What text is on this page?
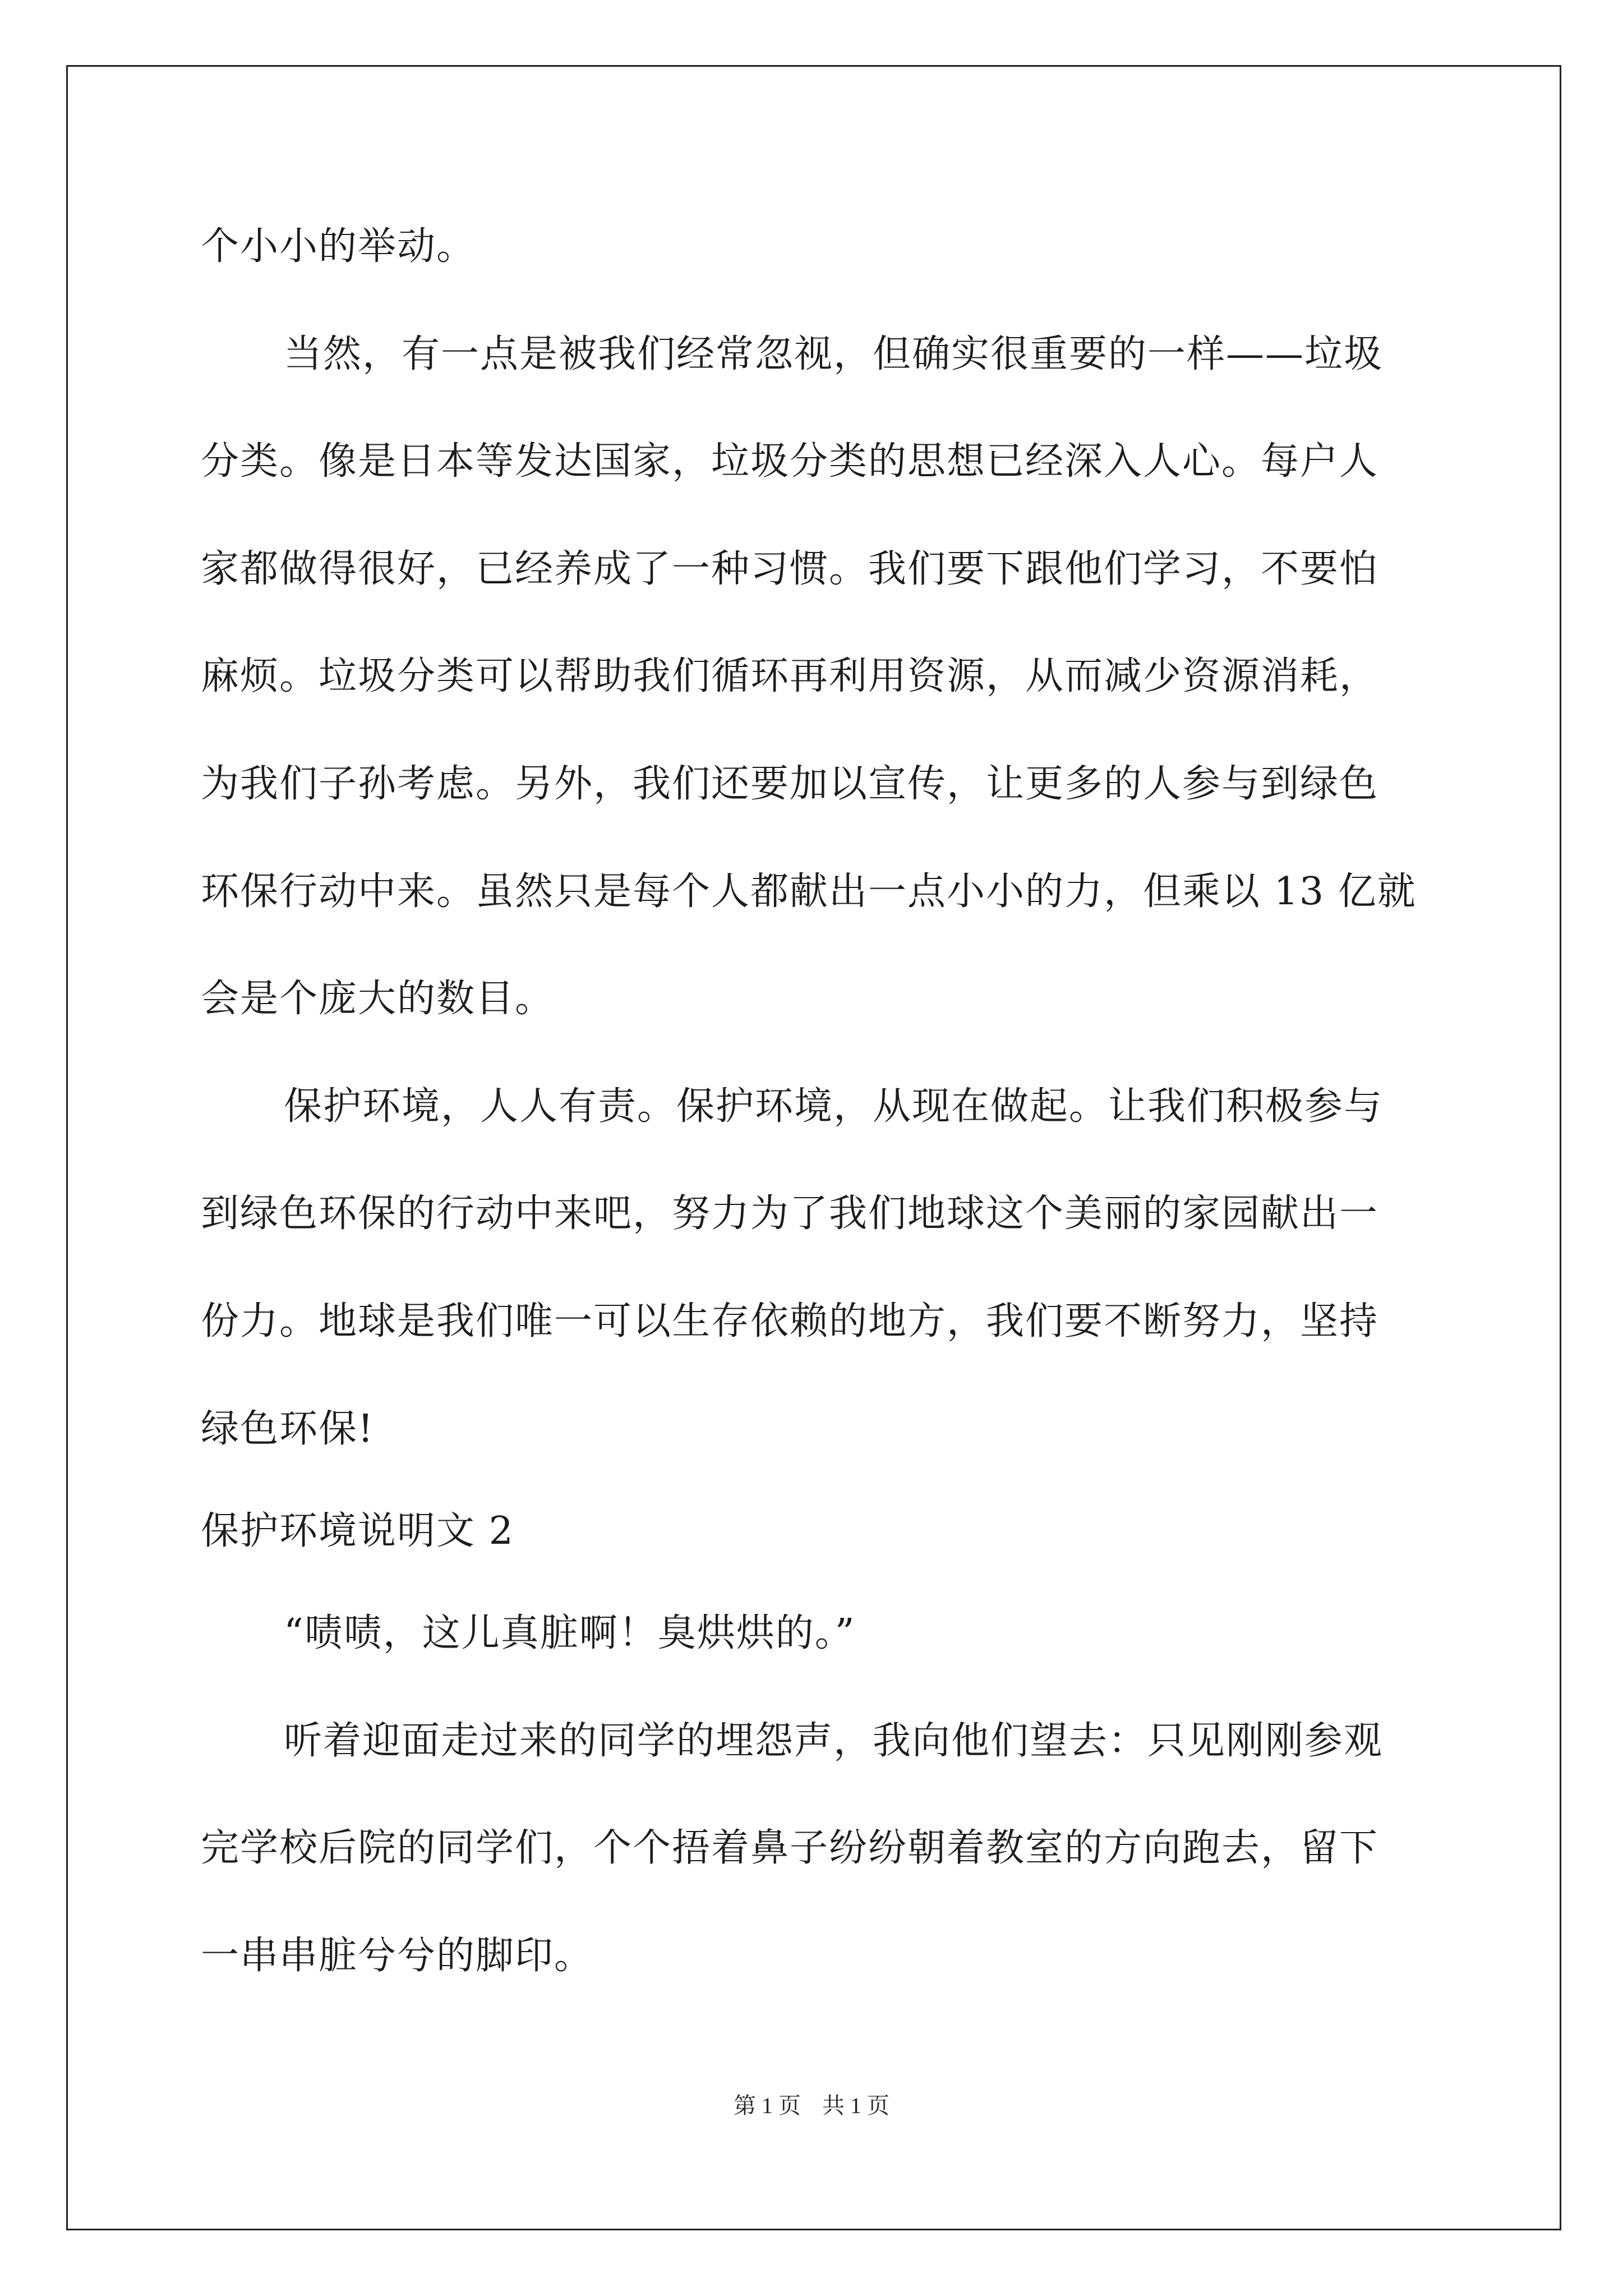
个小小的举动。
当然，有一点是被我们经常忽视，但确实很重要的一样——垃圾
分类。像是日本等发达国家，垃圾分类的思想已经深入人心。每户人
家都做得很好，已经养成了一种习惯。我们要下跟他们学习，不要怕
麻烦。垃圾分类可以帮助我们循环再利用资源，从而减少资源消耗，
为我们子孙考虑。另外，我们还要加以宣传，让更多的人参与到绿色
环保行动中来。虽然只是每个人都献出一点小小的力，但乘以 13 亿就
会是个庞大的数目。
保护环境，人人有责。保护环境，从现在做起。让我们积极参与
到绿色环保的行动中来吧，努力为了我们地球这个美丽的家园献出一
份力。地球是我们唯一可以生存依赖的地方，我们要不断努力，坚持
绿色环保!
保护环境说明文 2
“啧啧，这儿真脏啊！臭烘烘的。”
听着迎面走过来的同学的埋怨声，我向他们望去：只见刚刚参观
完学校后院的同学们，个个捂着鼻子纷纷朝着教室的方向跑去，留下
一串串脏兮兮的脚印。
第 1 页 共 1 页
